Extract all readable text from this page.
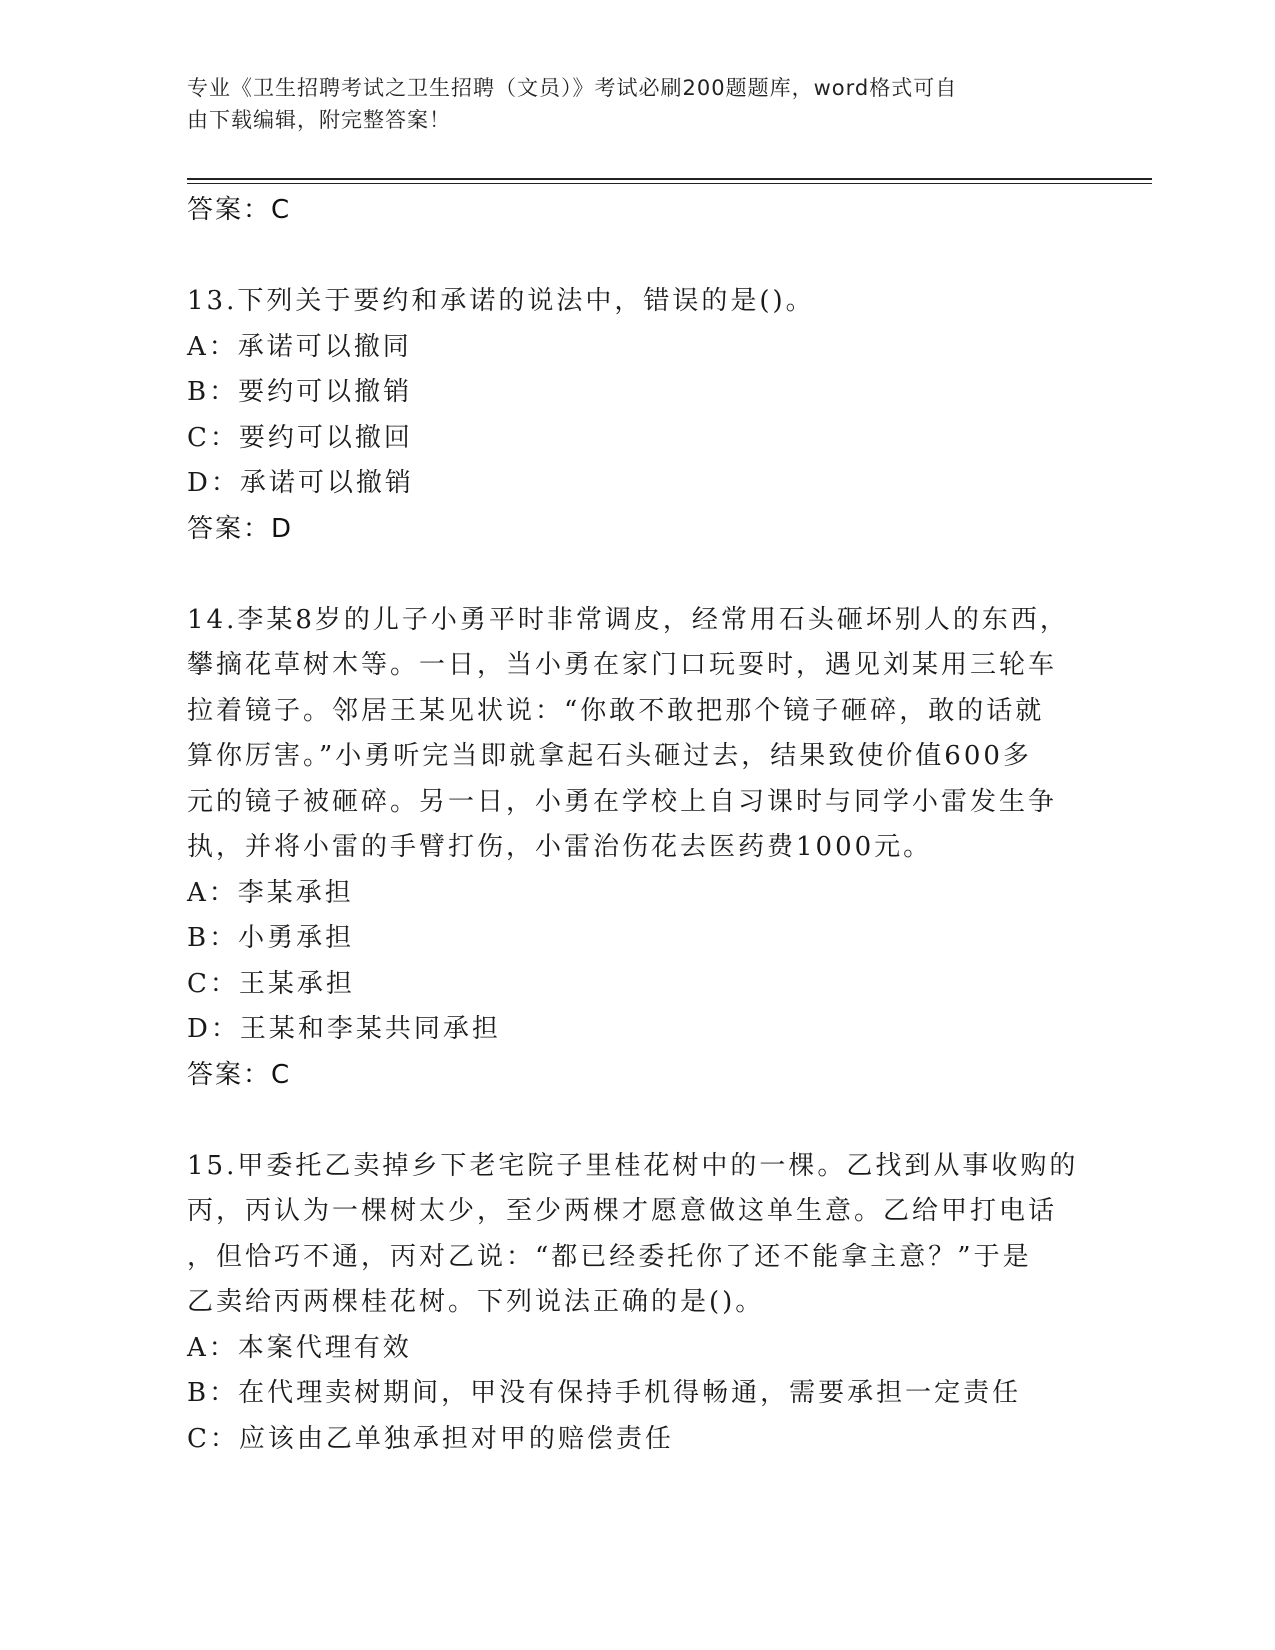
专业《卫生招聘考试之卫生招聘（文员）》考试必刷200题题库，word格式可自
由下载编辑，附完整答案！
答案：C
13.下列关于要约和承诺的说法中，错误的是()。
A：承诺可以撤同
B：要约可以撤销
C：要约可以撤回
D：承诺可以撤销
答案：D
14.李某8岁的儿子小勇平时非常调皮，经常用石头砸坏别人的东西，
攀摘花草树木等。一日，当小勇在家门口玩耍时，遇见刘某用三轮车
拉着镜子。邻居王某见状说：“你敢不敢把那个镜子砸碎，敢的话就
算你厉害。”小勇听完当即就拿起石头砸过去，结果致使价值600多
元的镜子被砸碎。另一日，小勇在学校上自习课时与同学小雷发生争
执，并将小雷的手臂打伤，小雷治伤花去医药费1000元。
A：李某承担
B：小勇承担
C：王某承担
D：王某和李某共同承担
答案：C
15.甲委托乙卖掉乡下老宅院子里桂花树中的一棵。乙找到从事收购的
丙，丙认为一棵树太少，至少两棵才愿意做这单生意。乙给甲打电话
，但恰巧不通，丙对乙说：“都已经委托你了还不能拿主意？”于是
乙卖给丙两棵桂花树。下列说法正确的是()。
A：本案代理有效
B：在代理卖树期间，甲没有保持手机得畅通，需要承担一定责任
C：应该由乙单独承担对甲的赔偿责任
